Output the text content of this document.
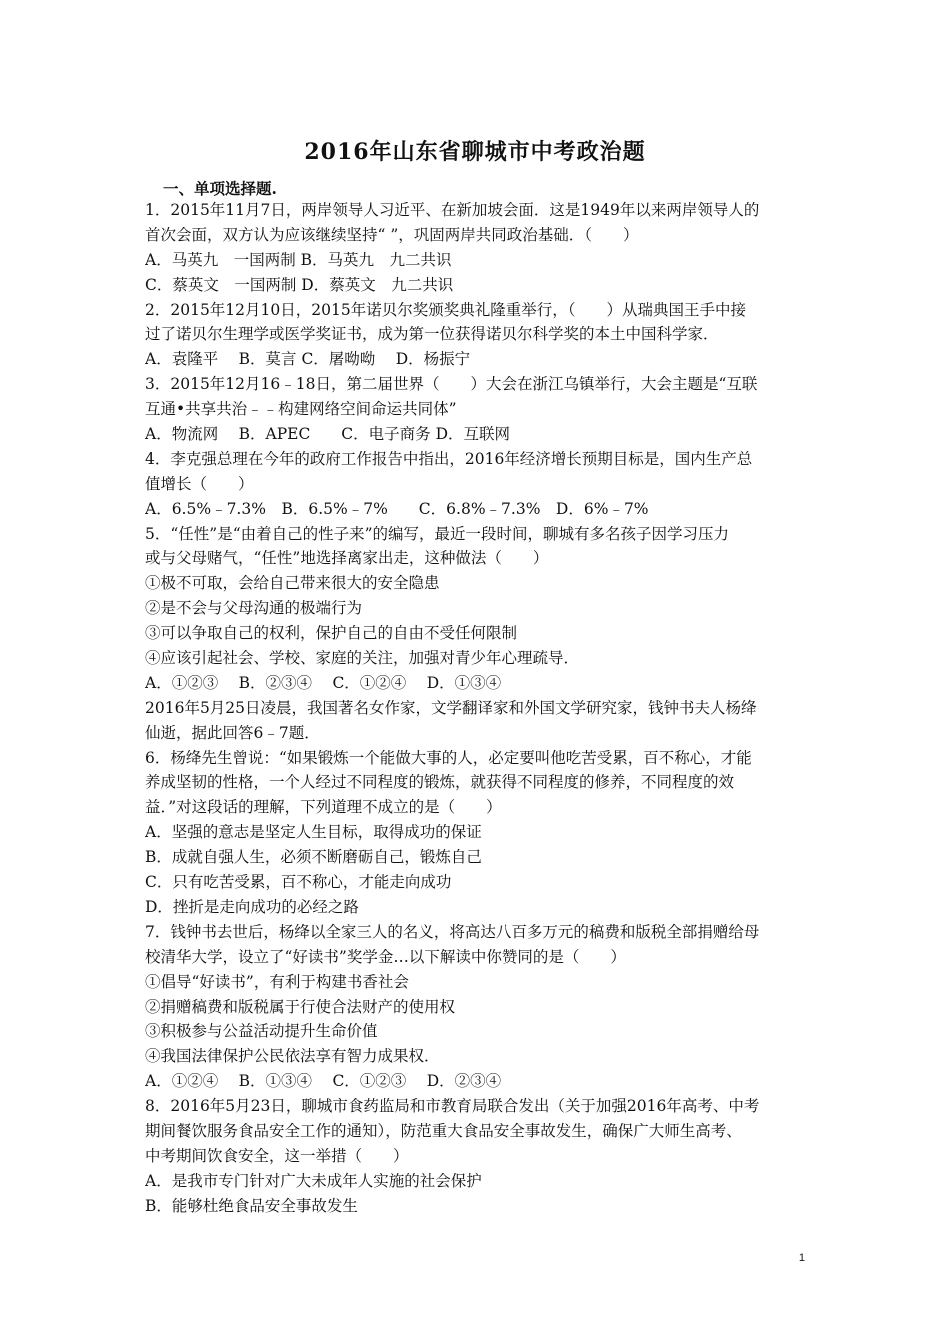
2016年山东省聊城市中考政治题
一、单项选择题.
1．2015年11月7日，两岸领导人习近平、在新加坡会面．这是1949年以来两岸领导人的
首次会面，双方认为应该继续坚持“ ”，巩固两岸共同政治基础．（　　）
A．马英九　一国两制 B．马英九　九二共识
C．蔡英文　一国两制 D．蔡英文　九二共识
2．2015年12月10日，2015年诺贝尔奖颁奖典礼隆重举行，（　　）从瑞典国王手中接
过了诺贝尔生理学或医学奖证书，成为第一位获得诺贝尔科学奖的本土中国科学家．
A．袁隆平　 B．莫言 C．屠呦呦　 D．杨振宁
3．2015年12月16﹣18日，第二届世界（　　）大会在浙江乌镇举行，大会主题是“互联
互通•共享共治﹣﹣构建网络空间命运共同体”
A．物流网　 B．APEC　　C．电子商务 D．互联网
4．李克强总理在今年的政府工作报告中指出，2016年经济增长预期目标是，国内生产总
值增长（　　）
A．6.5%﹣7.3%　B．6.5%﹣7%　　C．6.8%﹣7.3%　D．6%﹣7%
5．“任性”是“由着自己的性子来”的编写，最近一段时间，聊城有多名孩子因学习压力
或与父母赌气，“任性”地选择离家出走，这种做法（　　）
①极不可取，会给自己带来很大的安全隐患
②是不会与父母沟通的极端行为
③可以争取自己的权利，保护自己的自由不受任何限制
④应该引起社会、学校、家庭的关注，加强对青少年心理疏导．
A．①②③　 B．②③④　 C．①②④　 D．①③④
2016年5月25日凌晨，我国著名女作家，文学翻译家和外国文学研究家，钱钟书夫人杨绛
仙逝，据此回答6﹣7题．
6．杨绛先生曾说：“如果锻炼一个能做大事的人，必定要叫他吃苦受累，百不称心，才能
养成坚韧的性格，一个人经过不同程度的锻炼，就获得不同程度的修养，不同程度的效
益．”对这段话的理解，下列道理不成立的是（　　）
A．坚强的意志是坚定人生目标，取得成功的保证
B．成就自强人生，必须不断磨砺自己，锻炼自己
C．只有吃苦受累，百不称心，才能走向成功
D．挫折是走向成功的必经之路
7．钱钟书去世后，杨绛以全家三人的名义，将高达八百多万元的稿费和版税全部捐赠给母
校清华大学，设立了“好读书”奖学金…以下解读中你赞同的是（　　）
①倡导“好读书”，有利于构建书香社会
②捐赠稿费和版税属于行使合法财产的使用权
③积极参与公益活动提升生命价值
④我国法律保护公民依法享有智力成果权．
A．①②④　 B．①③④　 C．①②③　 D．②③④
8．2016年5月23日，聊城市食药监局和市教育局联合发出（关于加强2016年高考、中考
期间餐饮服务食品安全工作的通知），防范重大食品安全事故发生，确保广大师生高考、
中考期间饮食安全，这一举措（　　）
A．是我市专门针对广大未成年人实施的社会保护
B．能够杜绝食品安全事故发生
1
